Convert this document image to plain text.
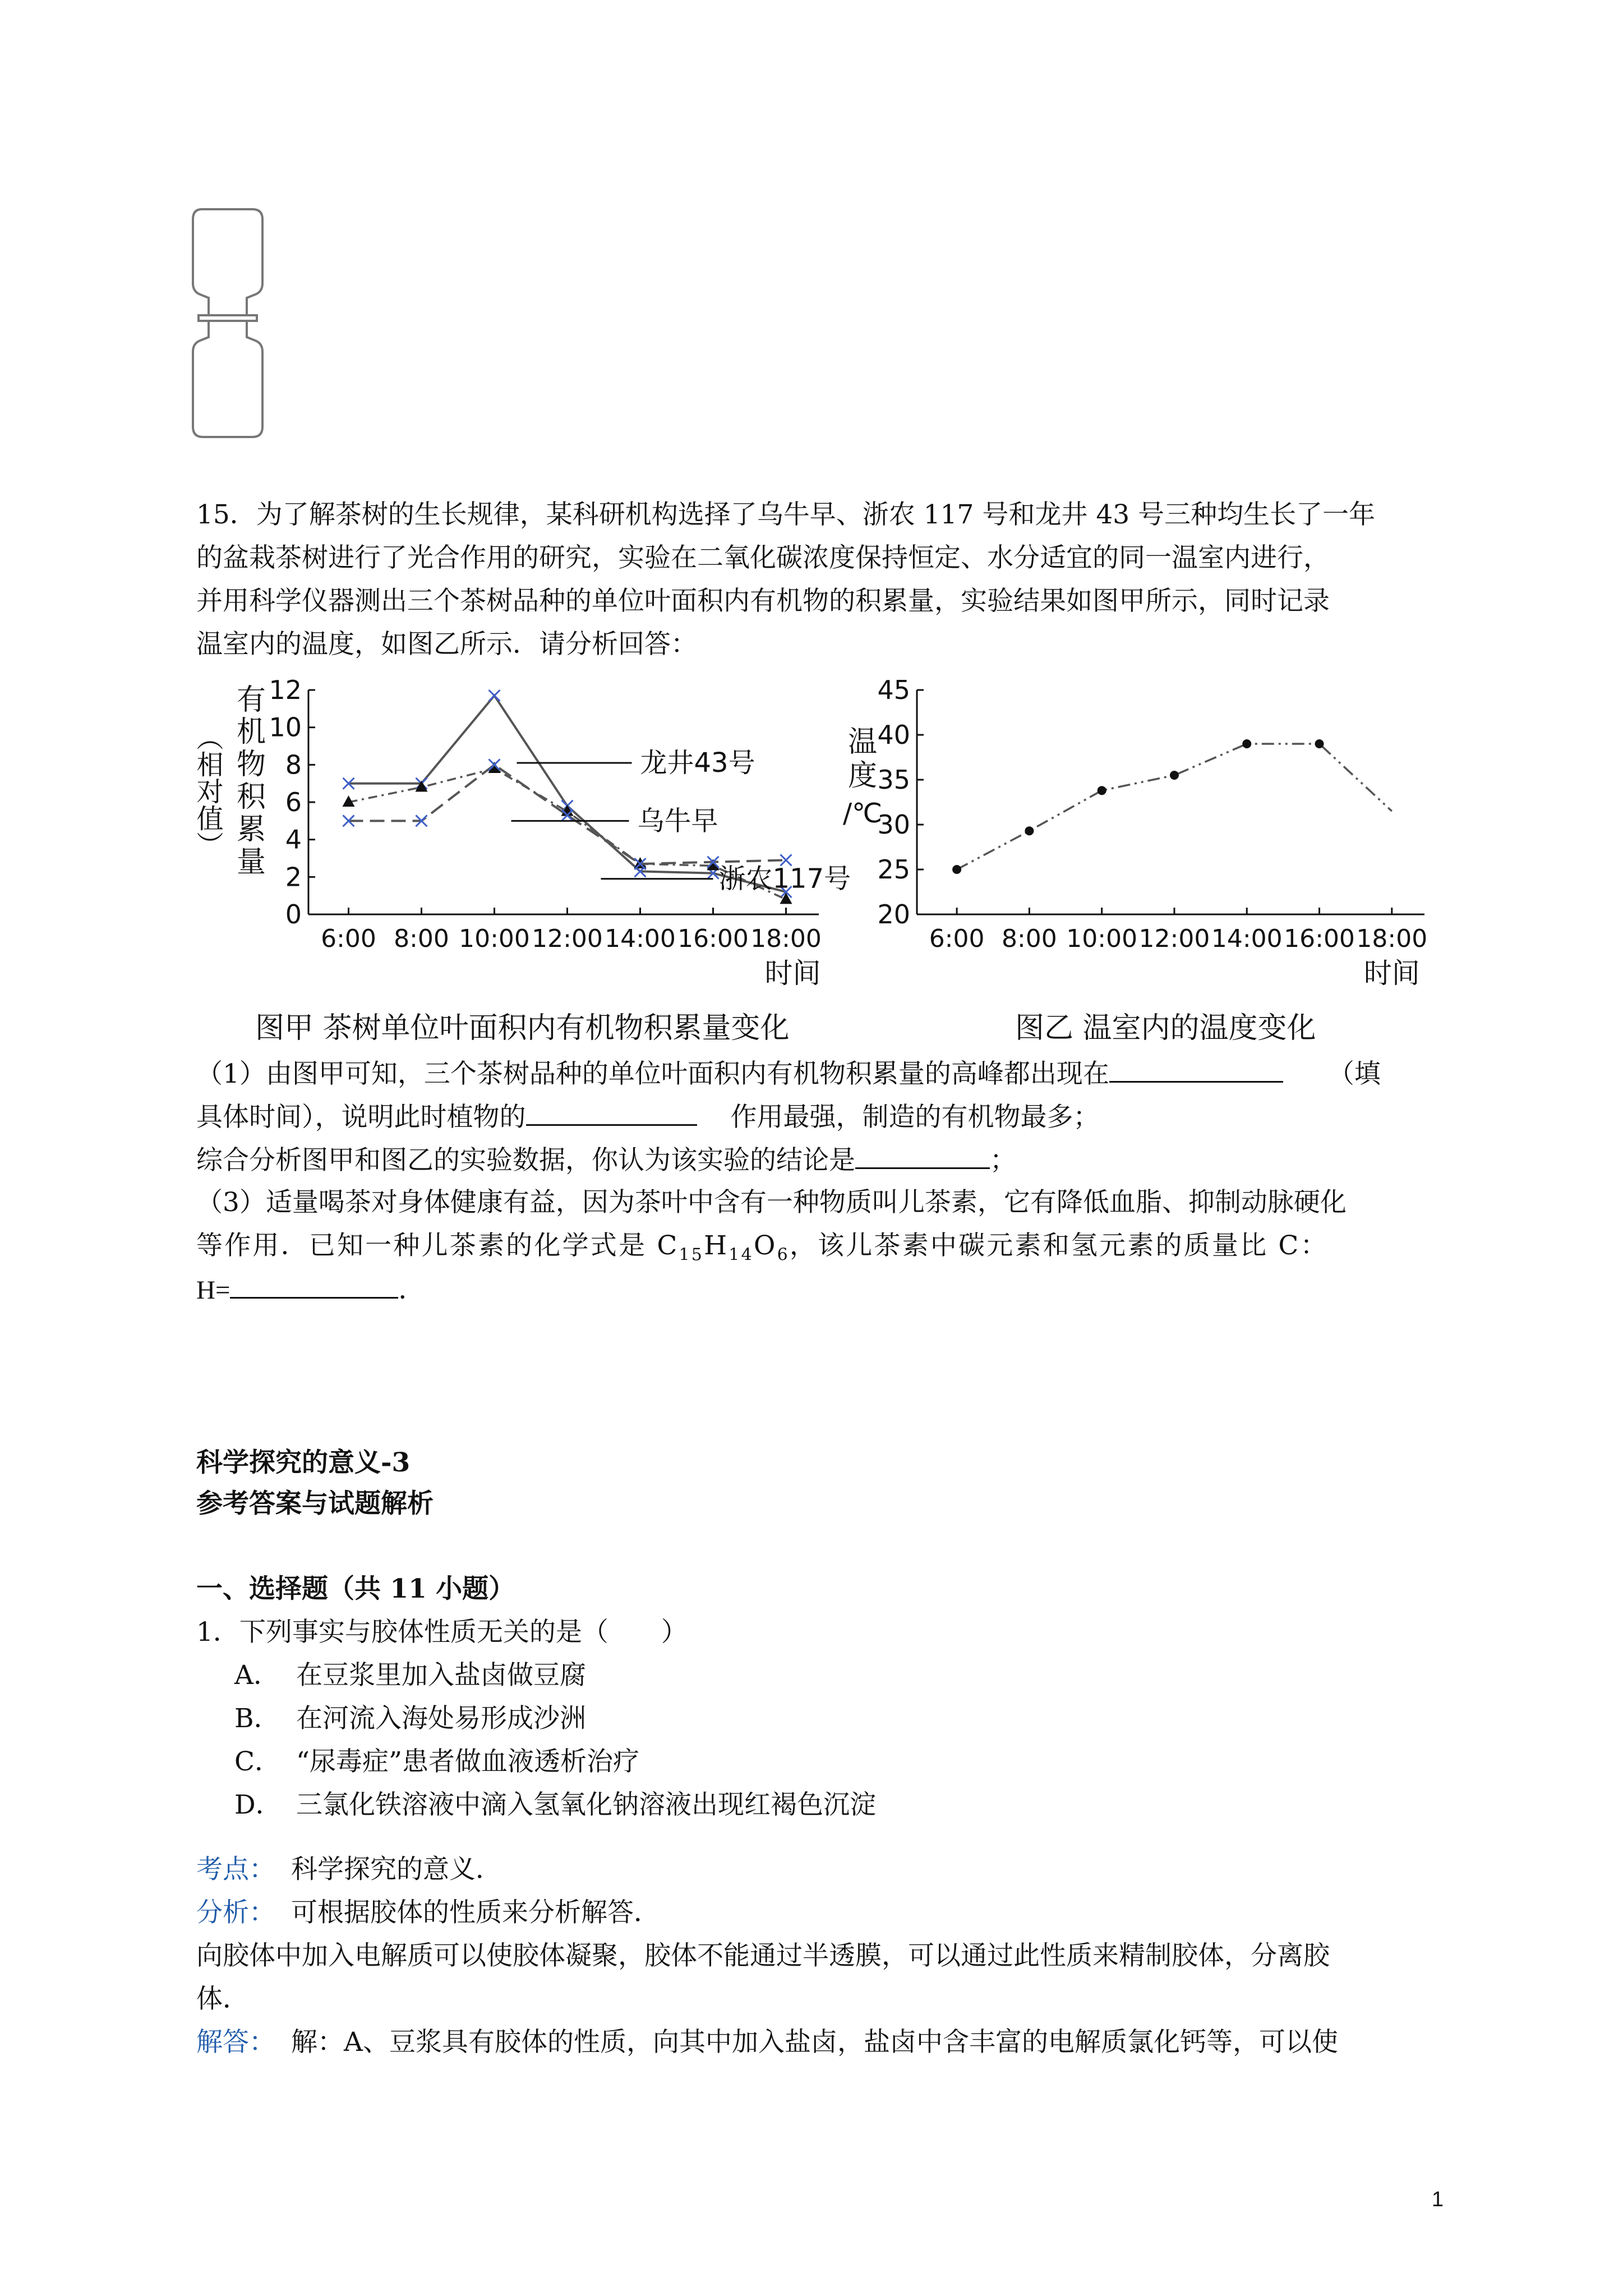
15．为了解茶树的生长规律，某科研机构选择了乌牛早、浙农 117 号和龙井 43 号三种均生长了一年
的盆栽茶树进行了光合作用的研究，实验在二氧化碳浓度保持恒定、水分适宜的同一温室内进行，
并用科学仪器测出三个茶树品种的单位叶面积内有机物的积累量，实验结果如图甲所示，同时记录
温室内的温度，如图乙所示．请分析回答：
0
2
4
6
8
10
12
6:00 8:00 10:00 12:00 14:00 16:00 18:00
时间
有
机
物
积
累
量
（相对值）	龙井43号
乌牛早
浙农117号
图甲 茶树单位叶面积内有机物积累量变化
20
25
30
35
40
45
6:00 8:00 10:00 12:00 14:00 16:00 18:00
时间
温
度
/℃
图乙 温室内的温度变化
（1）由图甲可知，三个茶树品种的单位叶面积内有机物积累量的高峰都出现在	（填
具体时间），说明此时植物的	作用最强，制造的有机物最多；
综合分析图甲和图乙的实验数据，你认为该实验的结论是	；
（3）适量喝茶对身体健康有益，因为茶叶中含有一种物质叫儿茶素，它有降低血脂、抑制动脉硬化
等作用．已知一种儿茶素的化学式是 $C_{15}H_{14}O_6$，该儿茶素中碳元素和氢元素的质量比 C：
H=	．
科学探究的意义-3
参考答案与试题解析
一、选择题（共 11 小题）
1．下列事实与胶体性质无关的是（　　）
A． 在豆浆里加入盐卤做豆腐
B． 在河流入海处易形成沙洲
C． “尿毒症”患者做血液透析治疗
D． 三氯化铁溶液中滴入氢氧化钠溶液出现红褐色沉淀
考点： 科学探究的意义．
分析： 可根据胶体的性质来分析解答．
向胶体中加入电解质可以使胶体凝聚，胶体不能通过半透膜，可以通过此性质来精制胶体，分离胶
体．
解答： 解：A、豆浆具有胶体的性质，向其中加入盐卤，盐卤中含丰富的电解质氯化钙等，可以使
1
